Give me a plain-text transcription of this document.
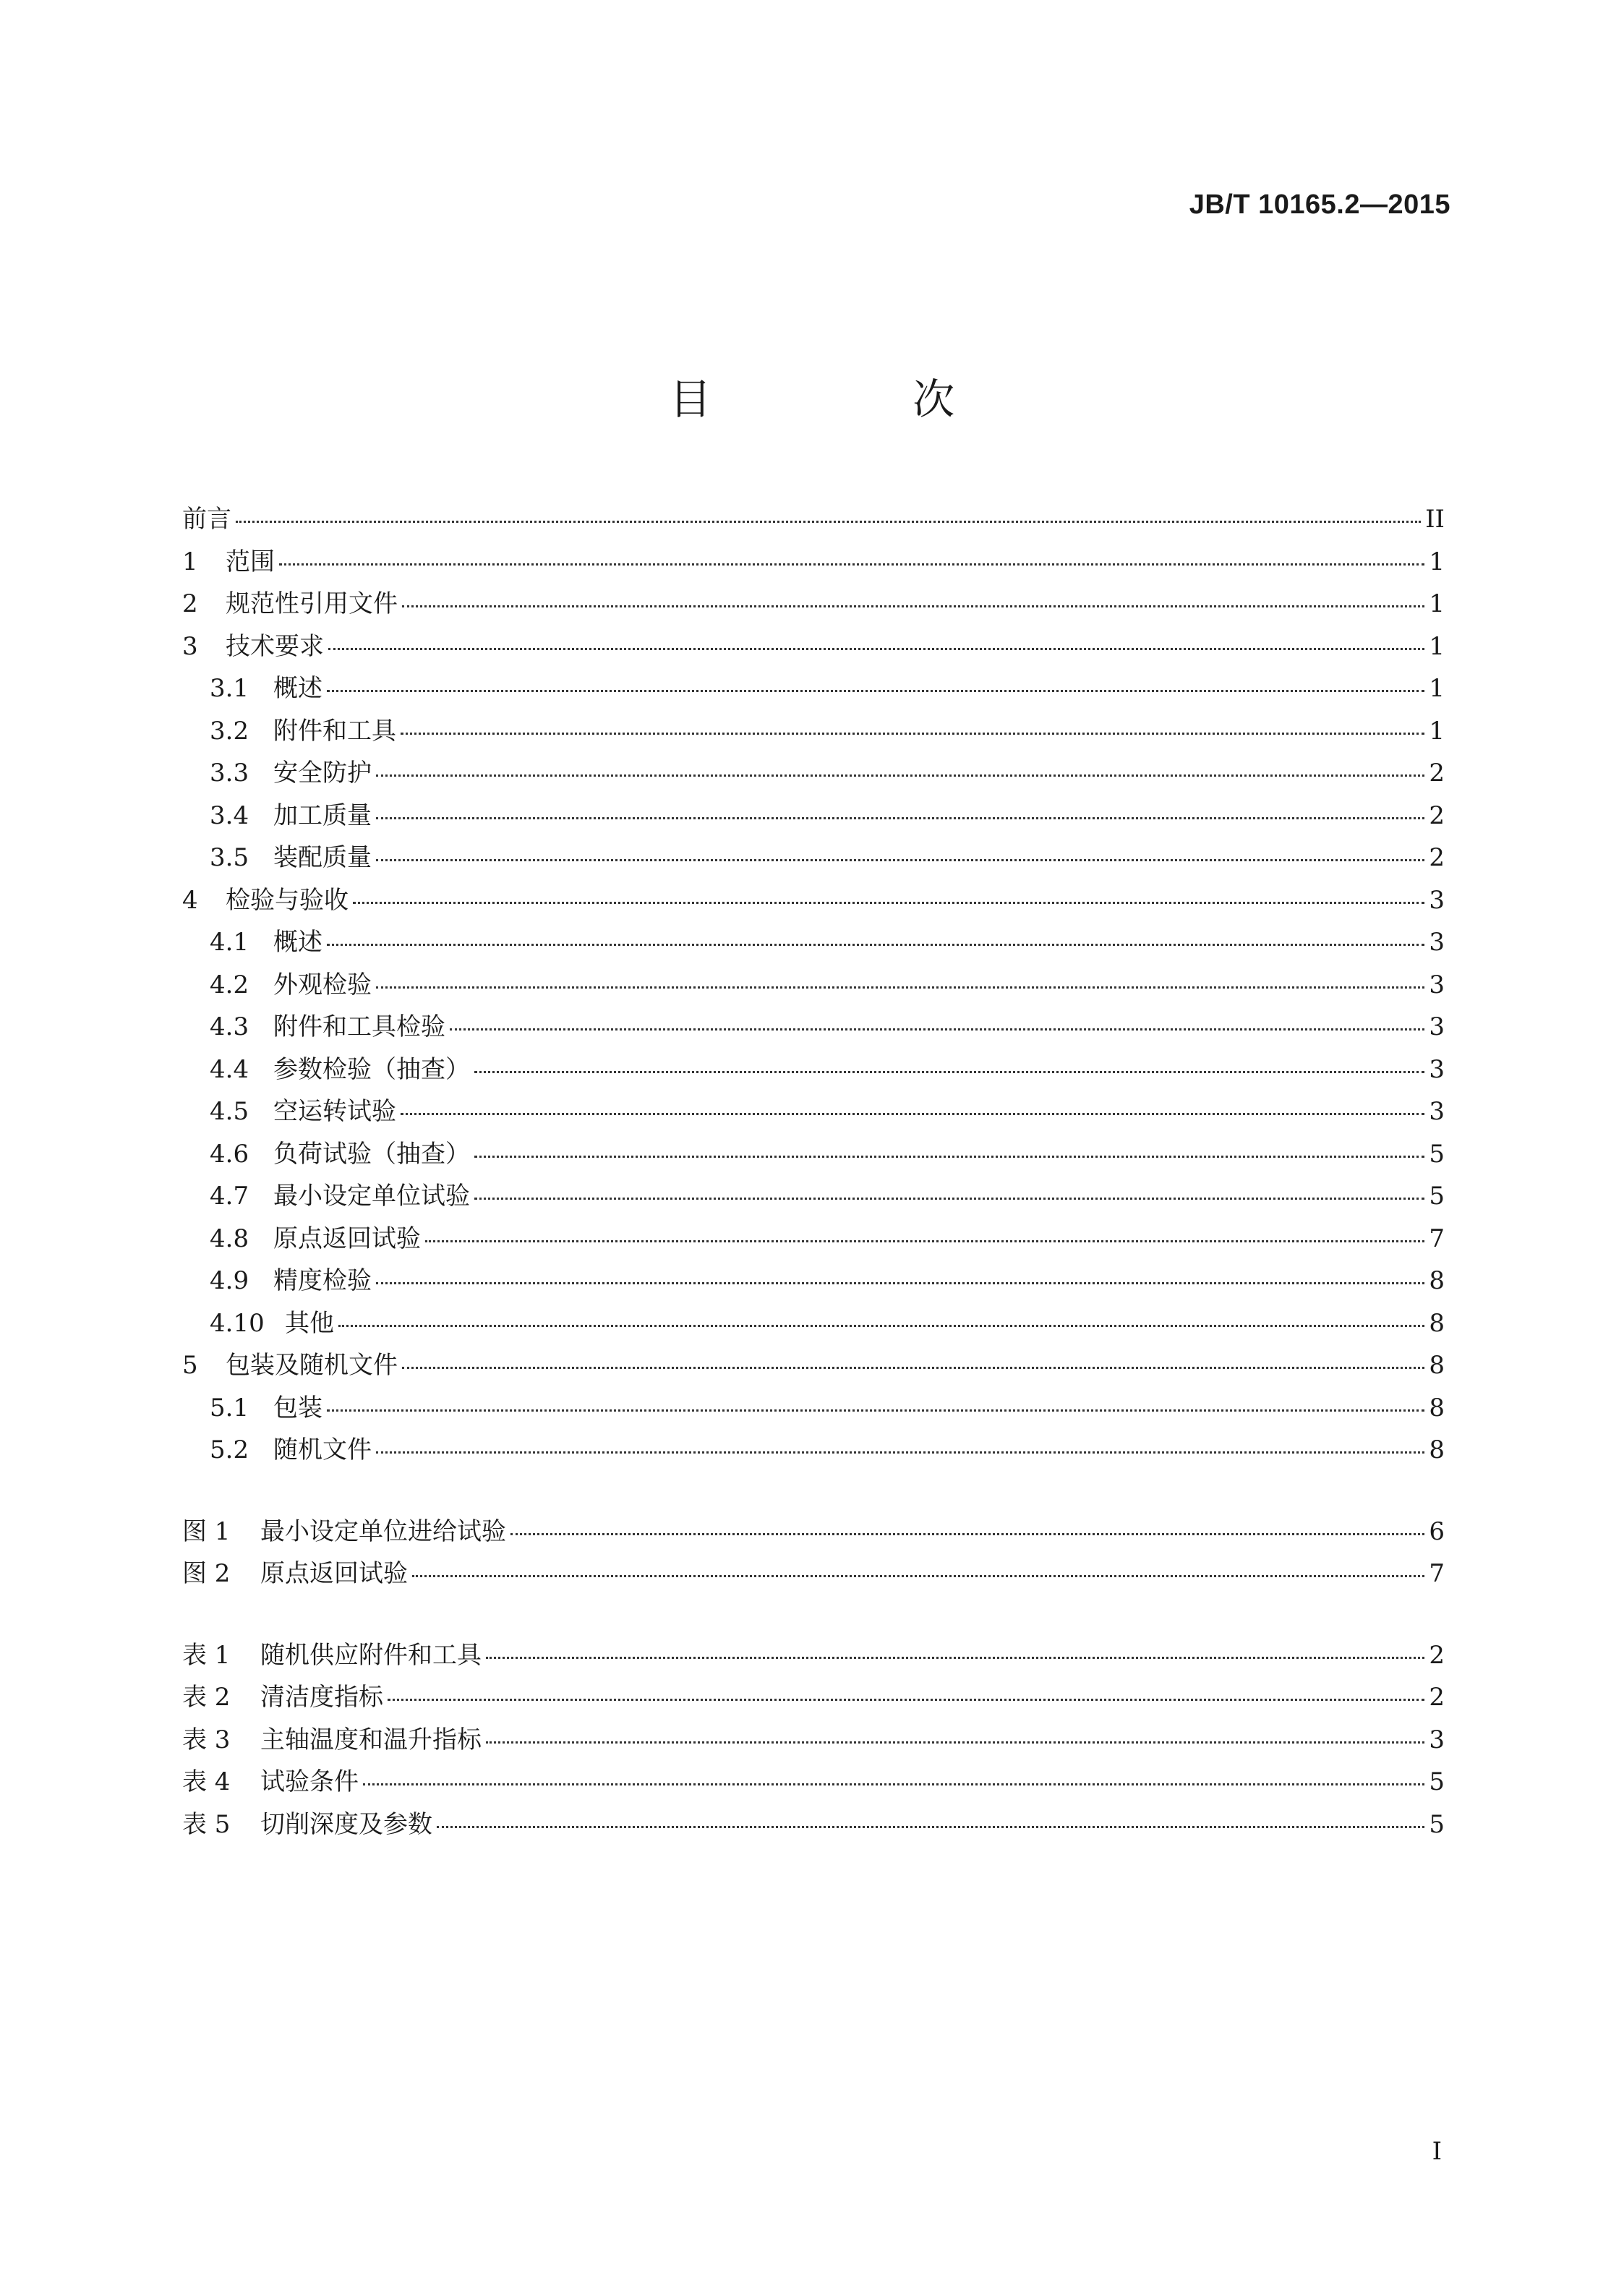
JB/T 10165.2—2015
目 次
前言	II
1	范围	1
2	规范性引用文件	1
3	技术要求	1
3.1 概述	1
3.2 附件和工具	1
3.3 安全防护	2
3.4 加工质量	2
3.5 装配质量	2
4	检验与验收	3
4.1 概述	3
4.2 外观检验	3
4.3 附件和工具检验	3
4.4 参数检验（抽查）	3
4.5 空运转试验	3
4.6 负荷试验（抽查）	5
4.7 最小设定单位试验	5
4.8 原点返回试验	7
4.9 精度检验	8
4.10 其他	8
5	包装及随机文件	8
5.1 包装	8
5.2 随机文件	8
图 1	最小设定单位进给试验	6
图 2	原点返回试验	7
表 1	随机供应附件和工具	2
表 2	清洁度指标	2
表 3	主轴温度和温升指标	3
表 4	试验条件	5
表 5	切削深度及参数	5
I
